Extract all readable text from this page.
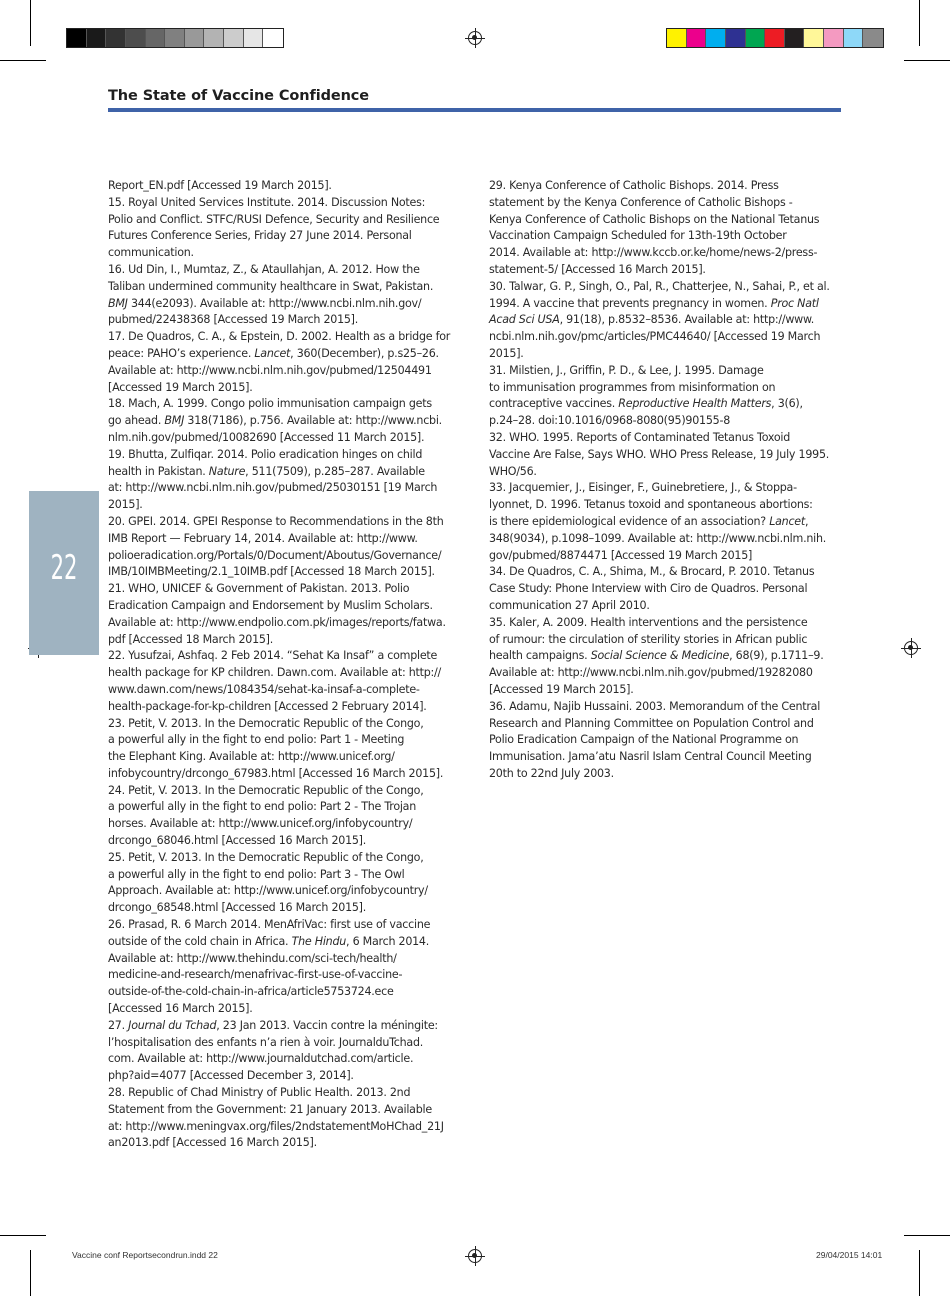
The State of Vaccine Confidence
22

Report_EN.pdf [Accessed 19 March 2015].

15. Royal United Services Institute. 2014. Discussion Notes:
Polio and Conflict. STFC/RUSI Defence, Security and Resilience
Futures Conference Series, Friday 27 June 2014. Personal
communication.

16. Ud Din, I., Mumtaz, Z., & Ataullahjan, A. 2012. How the
Taliban undermined community healthcare in Swat, Pakistan.
BMJ 344(e2093). Available at: http://www.ncbi.nlm.nih.gov/
pubmed/22438368 [Accessed 19 March 2015].

17. De Quadros, C. A., & Epstein, D. 2002. Health as a bridge for
peace: PAHO’s experience. Lancet, 360(December), p.s25–26.
Available at: http://www.ncbi.nlm.nih.gov/pubmed/12504491
[Accessed 19 March 2015].

18. Mach, A. 1999. Congo polio immunisation campaign gets
go ahead. BMJ 318(7186), p.756. Available at: http://www.ncbi.
nlm.nih.gov/pubmed/10082690 [Accessed 11 March 2015].

19. Bhutta, Zulfiqar. 2014. Polio eradication hinges on child
health in Pakistan. Nature, 511(7509), p.285–287. Available
at: http://www.ncbi.nlm.nih.gov/pubmed/25030151 [19 March
2015].

20. GPEI. 2014. GPEI Response to Recommendations in the 8th
IMB Report — February 14, 2014. Available at: http://www.
polioeradication.org/Portals/0/Document/Aboutus/Governance/
IMB/10IMBMeeting/2.1_10IMB.pdf [Accessed 18 March 2015].

21. WHO, UNICEF & Government of Pakistan. 2013. Polio
Eradication Campaign and Endorsement by Muslim Scholars.
Available at: http://www.endpolio.com.pk/images/reports/fatwa.
pdf [Accessed 18 March 2015].

22. Yusufzai, Ashfaq. 2 Feb 2014. “Sehat Ka Insaf” a complete
health package for KP children. Dawn.com. Available at: http://
www.dawn.com/news/1084354/sehat-ka-insaf-a-complete-
health-package-for-kp-children [Accessed 2 February 2014].

23. Petit, V. 2013. In the Democratic Republic of the Congo,
a powerful ally in the fight to end polio: Part 1 - Meeting
the Elephant King. Available at: http://www.unicef.org/
infobycountry/drcongo_67983.html [Accessed 16 March 2015].

24. Petit, V. 2013. In the Democratic Republic of the Congo,
a powerful ally in the fight to end polio: Part 2 - The Trojan
horses. Available at: http://www.unicef.org/infobycountry/
drcongo_68046.html [Accessed 16 March 2015].

25. Petit, V. 2013. In the Democratic Republic of the Congo,
a powerful ally in the fight to end polio: Part 3 - The Owl
Approach. Available at: http://www.unicef.org/infobycountry/
drcongo_68548.html [Accessed 16 March 2015].

26. Prasad, R. 6 March 2014. MenAfriVac: first use of vaccine
outside of the cold chain in Africa. The Hindu, 6 March 2014.
Available at: http://www.thehindu.com/sci-tech/health/
medicine-and-research/menafrivac-first-use-of-vaccine-
outside-of-the-cold-chain-in-africa/article5753724.ece
[Accessed 16 March 2015].

27. Journal du Tchad, 23 Jan 2013. Vaccin contre la méningite:
l’hospitalisation des enfants n’a rien à voir. JournalduTchad.
com. Available at: http://www.journaldutchad.com/article.
php?aid=4077 [Accessed December 3, 2014].

28. Republic of Chad Ministry of Public Health. 2013. 2nd
Statement from the Government: 21 January 2013. Available
at: http://www.meningvax.org/files/2ndstatementMoHChad_21J
an2013.pdf [Accessed 16 March 2015].

29. Kenya Conference of Catholic Bishops. 2014. Press
statement by the Kenya Conference of Catholic Bishops -
Kenya Conference of Catholic Bishops on the National Tetanus
Vaccination Campaign Scheduled for 13th-19th October
2014. Available at: http://www.kccb.or.ke/home/news-2/press-
statement-5/ [Accessed 16 March 2015].

30. Talwar, G. P., Singh, O., Pal, R., Chatterjee, N., Sahai, P., et al.
1994. A vaccine that prevents pregnancy in women. Proc Natl
Acad Sci USA, 91(18), p.8532–8536. Available at: http://www.
ncbi.nlm.nih.gov/pmc/articles/PMC44640/ [Accessed 19 March
2015].

31. Milstien, J., Griffin, P. D., & Lee, J. 1995. Damage
to immunisation programmes from misinformation on
contraceptive vaccines. Reproductive Health Matters, 3(6),
p.24–28. doi:10.1016/0968-8080(95)90155-8

32. WHO. 1995. Reports of Contaminated Tetanus Toxoid
Vaccine Are False, Says WHO. WHO Press Release, 19 July 1995.
WHO/56.

33. Jacquemier, J., Eisinger, F., Guinebretiere, J., & Stoppa-
lyonnet, D. 1996. Tetanus toxoid and spontaneous abortions:
is there epidemiological evidence of an association? Lancet,
348(9034), p.1098–1099. Available at: http://www.ncbi.nlm.nih.
gov/pubmed/8874471 [Accessed 19 March 2015]

34. De Quadros, C. A., Shima, M., & Brocard, P. 2010. Tetanus
Case Study: Phone Interview with Ciro de Quadros. Personal
communication 27 April 2010.

35. Kaler, A. 2009. Health interventions and the persistence
of rumour: the circulation of sterility stories in African public
health campaigns. Social Science & Medicine, 68(9), p.1711–9.
Available at: http://www.ncbi.nlm.nih.gov/pubmed/19282080
[Accessed 19 March 2015].

36. Adamu, Najib Hussaini. 2003. Memorandum of the Central
Research and Planning Committee on Population Control and
Polio Eradication Campaign of the National Programme on
Immunisation. Jama’atu Nasril Islam Central Council Meeting
20th to 22nd July 2003.

Vaccine conf Reportsecondrun.indd 22	29/04/2015 14:01
